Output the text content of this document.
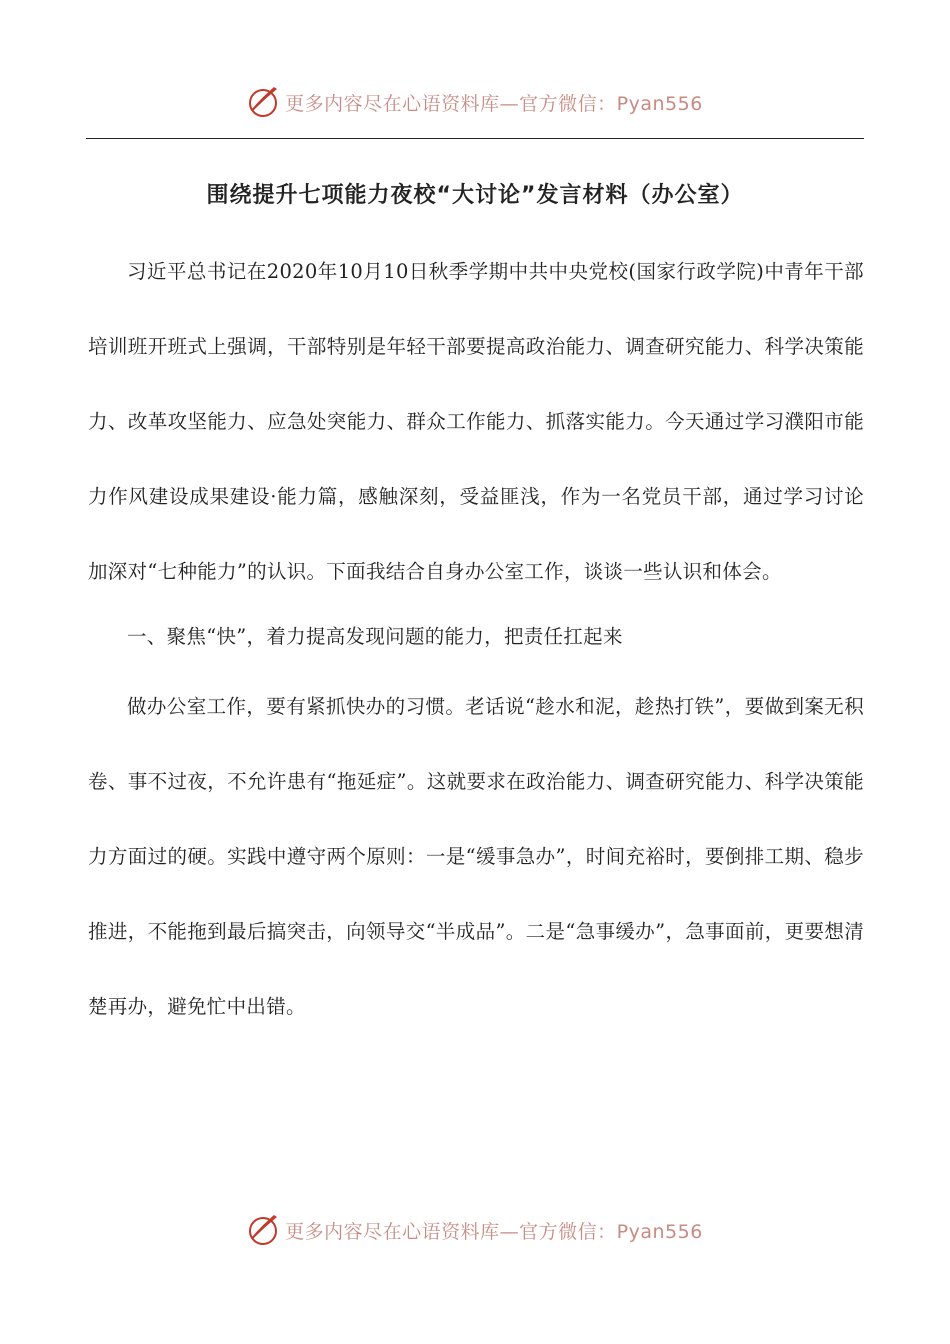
更多内容尽在心语资料库—官方微信：Pyan556
围绕提升七项能力夜校“大讨论”发言材料（办公室）

习近平总书记在2020年10月10日秋季学期中共中央党校(国家行政学院)中青年干部培训班开班式上强调，干部特别是年轻干部要提高政治能力、调查研究能力、科学决策能力、改革攻坚能力、应急处突能力、群众工作能力、抓落实能力。今天通过学习濮阳市能力作风建设成果建设·能力篇，感触深刻，受益匪浅，作为一名党员干部，通过学习讨论加深对“七种能力”的认识。下面我结合自身办公室工作，谈谈一些认识和体会。

一、聚焦“快”，着力提高发现问题的能力，把责任扛起来

做办公室工作，要有紧抓快办的习惯。老话说“趁水和泥，趁热打铁”，要做到案无积卷、事不过夜，不允许患有“拖延症”。这就要求在政治能力、调查研究能力、科学决策能力方面过的硬。实践中遵守两个原则：一是“缓事急办”，时间充裕时，要倒排工期、稳步推进，不能拖到最后搞突击，向领导交“半成品”。二是“急事缓办”，急事面前，更要想清楚再办，避免忙中出错。

更多内容尽在心语资料库—官方微信：Pyan556
